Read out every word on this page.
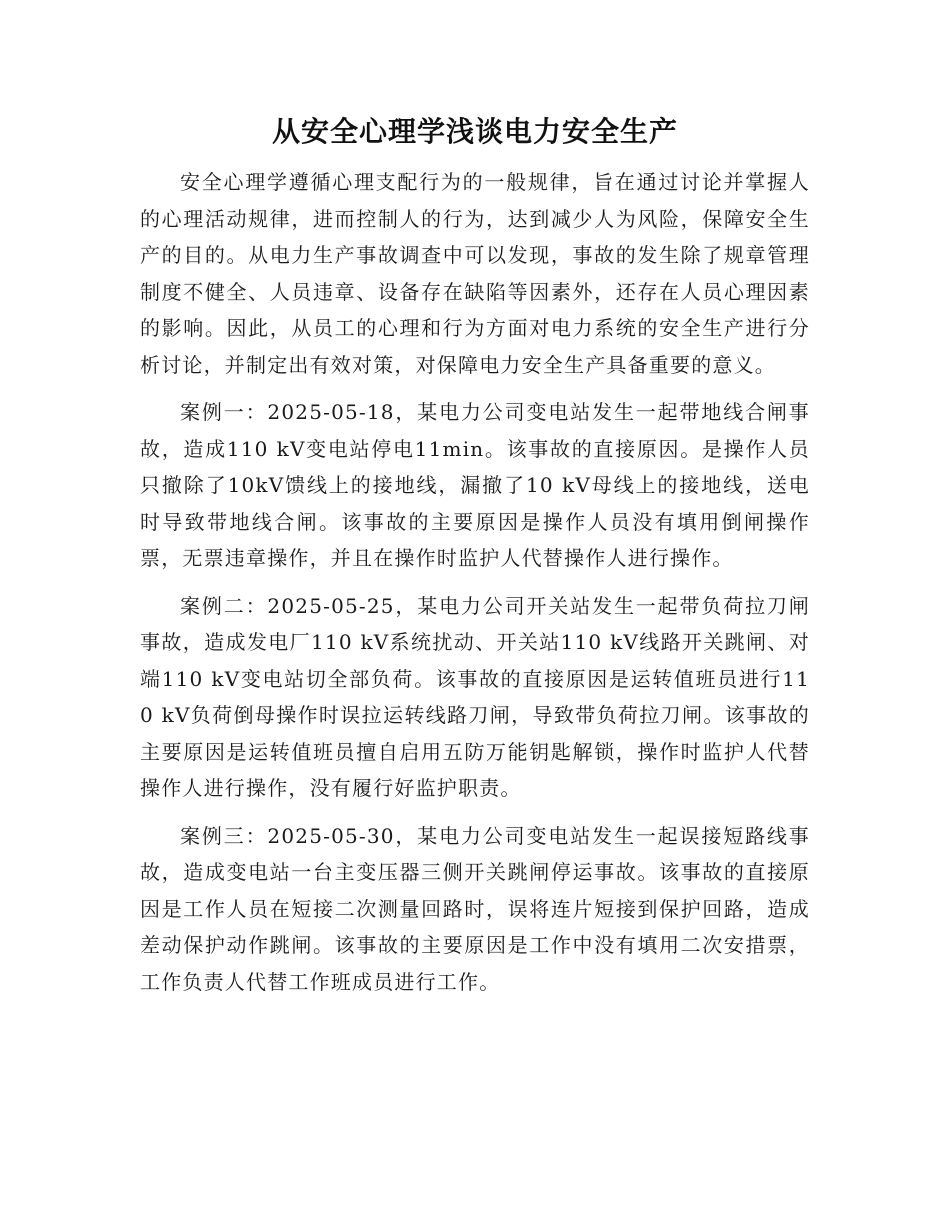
从安全心理学浅谈电力安全生产

安全心理学遵循心理支配行为的一般规律，旨在通过讨论并掌握人的心理活动规律，进而控制人的行为，达到减少人为风险，保障安全生产的目的。从电力生产事故调查中可以发现，事故的发生除了规章管理制度不健全、人员违章、设备存在缺陷等因素外，还存在人员心理因素的影响。因此，从员工的心理和行为方面对电力系统的安全生产进行分析讨论，并制定出有效对策，对保障电力安全生产具备重要的意义。

案例一：2025-05-18，某电力公司变电站发生一起带地线合闸事故，造成110 kV变电站停电11min。该事故的直接原因。是操作人员只撤除了10kV馈线上的接地线，漏撤了10 kV母线上的接地线，送电时导致带地线合闸。该事故的主要原因是操作人员没有填用倒闸操作票，无票违章操作，并且在操作时监护人代替操作人进行操作。

案例二：2025-05-25，某电力公司开关站发生一起带负荷拉刀闸事故，造成发电厂110 kV系统扰动、开关站110 kV线路开关跳闸、对端110 kV变电站切全部负荷。该事故的直接原因是运转值班员进行110 kV负荷倒母操作时误拉运转线路刀闸，导致带负荷拉刀闸。该事故的主要原因是运转值班员擅自启用五防万能钥匙解锁，操作时监护人代替操作人进行操作，没有履行好监护职责。

案例三：2025-05-30，某电力公司变电站发生一起误接短路线事故，造成变电站一台主变压器三侧开关跳闸停运事故。该事故的直接原因是工作人员在短接二次测量回路时，误将连片短接到保护回路，造成差动保护动作跳闸。该事故的主要原因是工作中没有填用二次安措票，工作负责人代替工作班成员进行工作。
